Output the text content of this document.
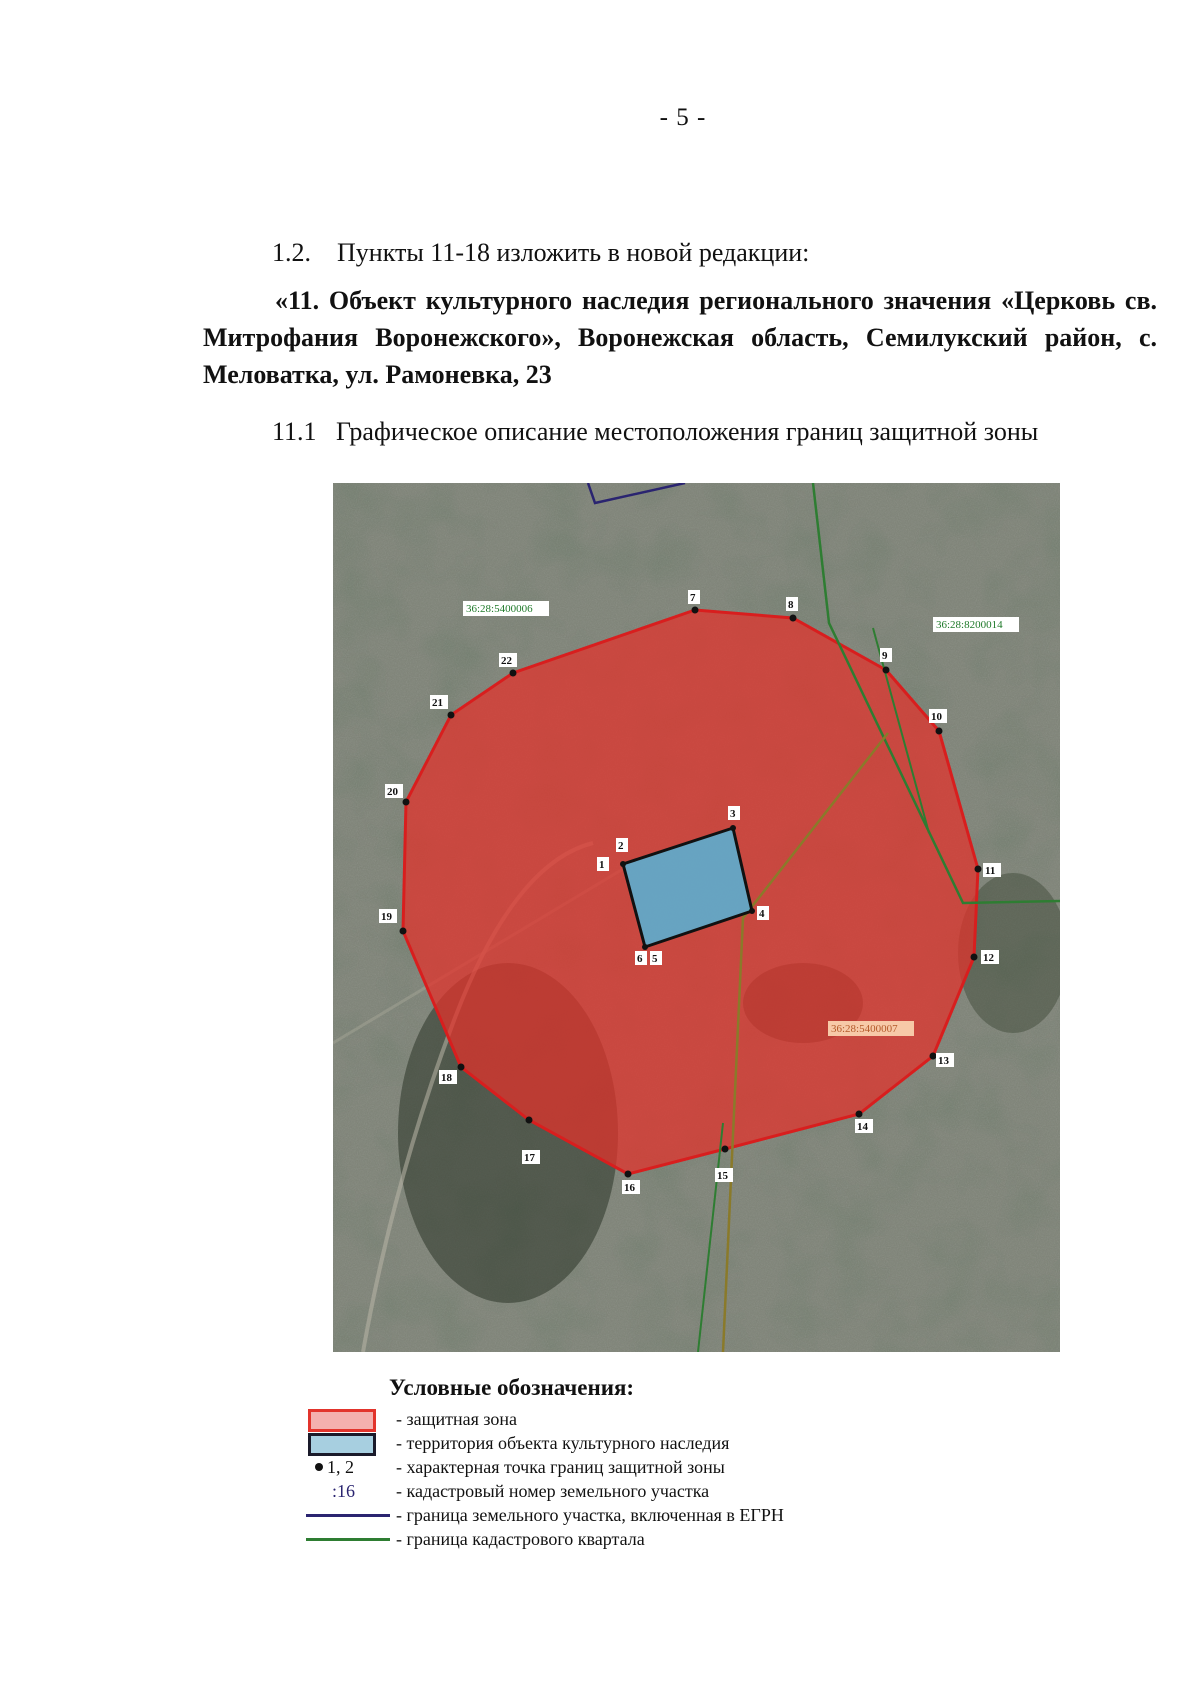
- 5 -
1.2.    Пункты 11-18 изложить в новой редакции:
«11. Объект культурного наследия регионального значения «Церковь св. Митрофания Воронежского», Воронежская область, Семилукский район, с. Меловатка, ул. Рамоневка, 23
11.1   Графическое описание местоположения границ защитной зоны
36:28:5400006
36:28:8200014
36:28:5400007
7
8
9
10
11
12
13
14
15
16
17
18
19
20
21
22
1
2
3
4
5
6
Условные обозначения:
- защитная зона
- территория объекта культурного наследия
1, 2 - характерная точка границ защитной зоны
:16 - кадастровый номер земельного участка
- граница земельного участка, включенная в ЕГРН
- граница кадастрового квартала
